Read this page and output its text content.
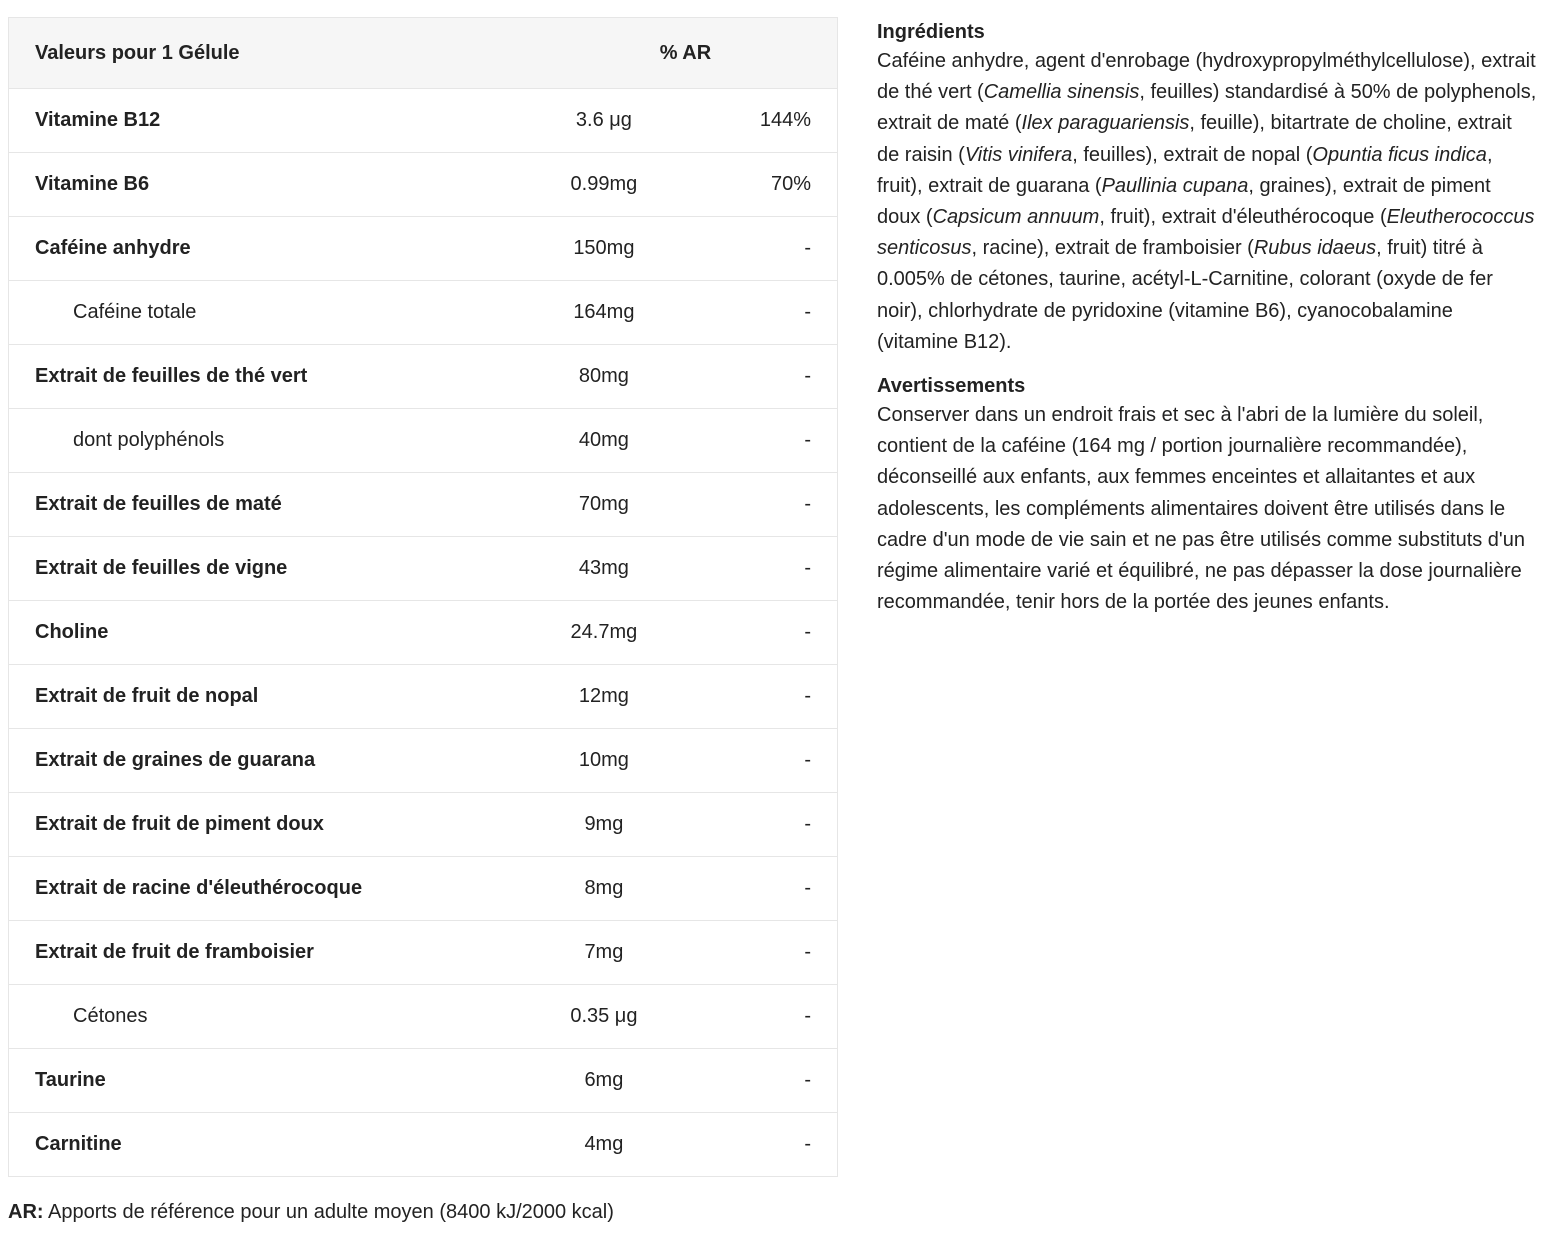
Valeurs pour 1 Gélule		% AR
Vitamine B12	3.6 μg	144%
Vitamine B6	0.99mg	70%
Caféine anhydre	150mg	-
Caféine totale	164mg	-
Extrait de feuilles de thé vert	80mg	-
dont polyphénols	40mg	-
Extrait de feuilles de maté	70mg	-
Extrait de feuilles de vigne	43mg	-
Choline	24.7mg	-
Extrait de fruit de nopal	12mg	-
Extrait de graines de guarana	10mg	-
Extrait de fruit de piment doux	9mg	-
Extrait de racine d'éleuthérocoque	8mg	-
Extrait de fruit de framboisier	7mg	-
Cétones	0.35 μg	-
Taurine	6mg	-
Carnitine	4mg	-
AR: Apports de référence pour un adulte moyen (8400 kJ/2000 kcal)
Ingrédients

Caféine anhydre, agent d'enrobage (hydroxypropylméthylcellulose), extrait de thé vert (Camellia sinensis, feuilles) standardisé à 50% de polyphenols, extrait de maté (Ilex paraguariensis, feuille), bitartrate de choline, extrait de raisin (Vitis vinifera, feuilles), extrait de nopal (Opuntia ficus indica, fruit), extrait de guarana (Paullinia cupana, graines), extrait de piment doux (Capsicum annuum, fruit), extrait d'éleuthérocoque (Eleutherococcus senticosus, racine), extrait de framboisier (Rubus idaeus, fruit) titré à 0.005% de cétones, taurine, acétyl-L-Carnitine, colorant (oxyde de fer noir), chlorhydrate de pyridoxine (vitamine B6), cyanocobalamine (vitamine B12).

Avertissements

Conserver dans un endroit frais et sec à l'abri de la lumière du soleil, contient de la caféine (164 mg / portion journalière recommandée), déconseillé aux enfants, aux femmes enceintes et allaitantes et aux adolescents, les compléments alimentaires doivent être utilisés dans le cadre d'un mode de vie sain et ne pas être utilisés comme substituts d'un régime alimentaire varié et équilibré, ne pas dépasser la dose journalière recommandée, tenir hors de la portée des jeunes enfants.
